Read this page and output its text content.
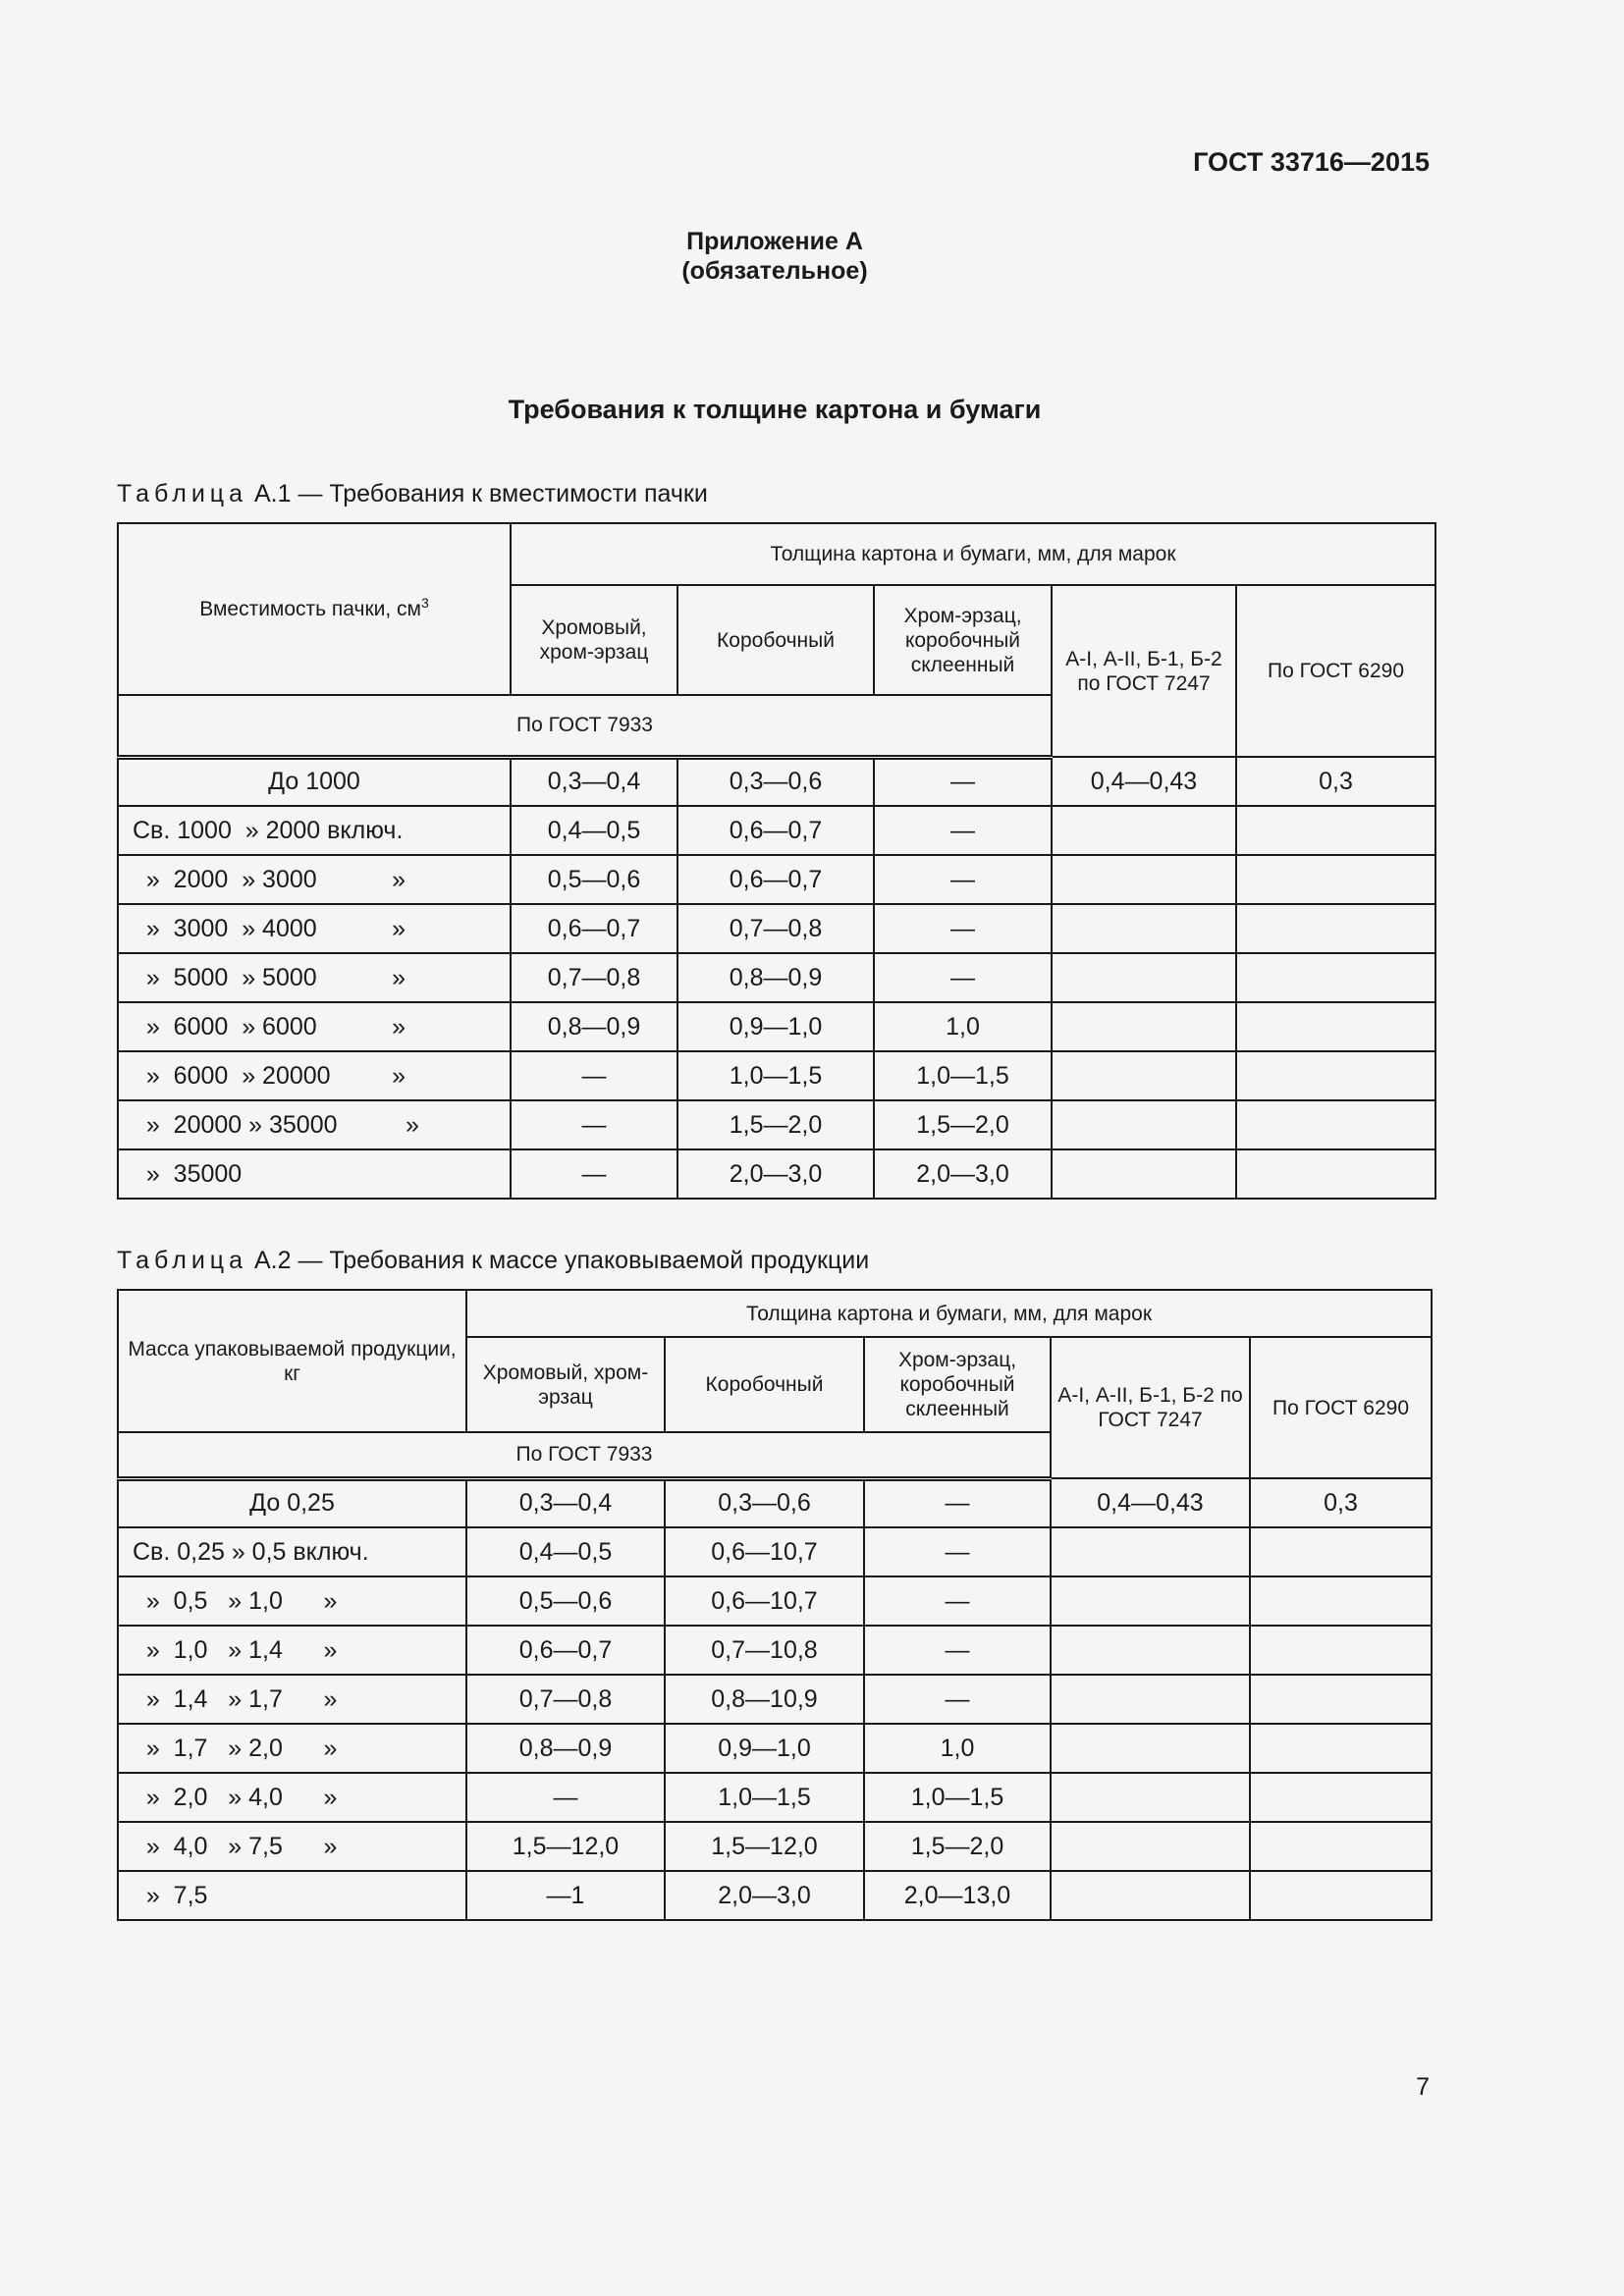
ГОСТ 33716—2015
Приложение А
(обязательное)
Требования к толщине картона и бумаги
Таблица А.1 — Требования к вместимости пачки
Вместимость пачки, $см^3$	Толщина картона и бумаги, мм, для марок				
	Хромовый, хром-эрзац	Коробочный	Хром-эрзац, коробочный склеенный	А-I, А-II, Б-1, Б-2 по ГОСТ 7247	По ГОСТ 6290
По ГОСТ 7933					
До 1000	0,3—0,4	0,3—0,6	—	0,4—0,43	0,3
Св. 1000  » 2000 включ.	0,4—0,5	0,6—0,7	—		
»  2000  » 3000           »	0,5—0,6	0,6—0,7	—		
»  3000  » 4000           »	0,6—0,7	0,7—0,8	—		
»  5000  » 5000           »	0,7—0,8	0,8—0,9	—		
»  6000  » 6000           »	0,8—0,9	0,9—1,0	1,0		
»  6000  » 20000         »	—	1,0—1,5	1,0—1,5		
»  20000 » 35000          »	—	1,5—2,0	1,5—2,0		
»  35000	—	2,0—3,0	2,0—3,0		
Таблица А.2 — Требования к массе упаковываемой продукции
Масса упаковываемой продукции, кг	Толщина картона и бумаги, мм, для марок				
	Хромовый, хром-эрзац	Коробочный	Хром-эрзац, коробочный склеенный	А-I, А-II, Б-1, Б-2 по ГОСТ 7247	По ГОСТ 6290
По ГОСТ 7933					
До 0,25	0,3—0,4	0,3—0,6	—	0,4—0,43	0,3
Св. 0,25 » 0,5 включ.	0,4—0,5	0,6—10,7	—		
»  0,5   » 1,0      »	0,5—0,6	0,6—10,7	—		
»  1,0   » 1,4      »	0,6—0,7	0,7—10,8	—		
»  1,4   » 1,7      »	0,7—0,8	0,8—10,9	—		
»  1,7   » 2,0      »	0,8—0,9	0,9—1,0	1,0		
»  2,0   » 4,0      »	—	1,0—1,5	1,0—1,5		
»  4,0   » 7,5      »	1,5—12,0	1,5—12,0	1,5—2,0		
»  7,5	—1	2,0—3,0	2,0—13,0		
7
